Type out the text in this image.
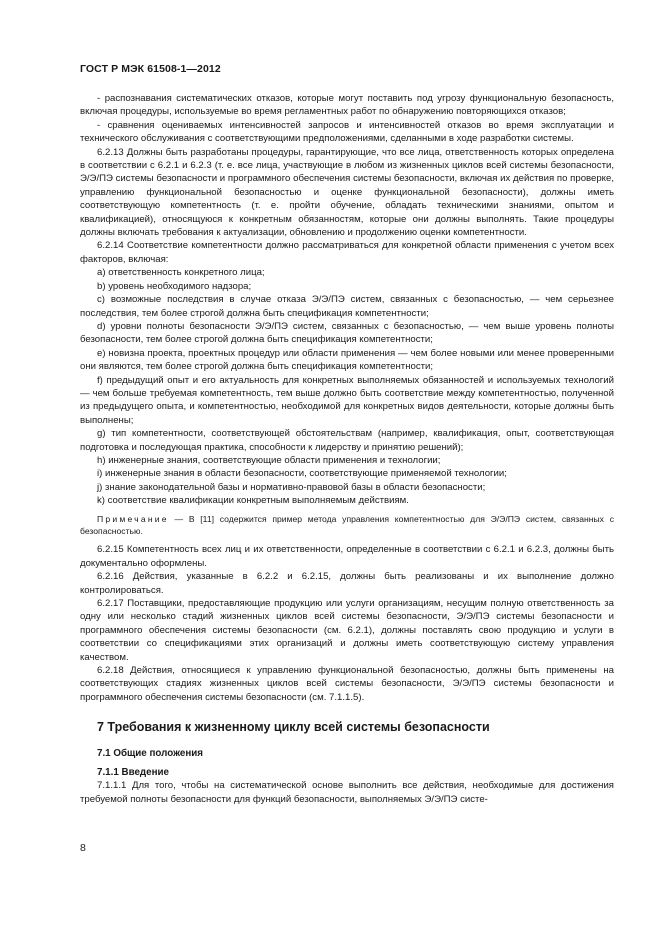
ГОСТ Р МЭК 61508-1—2012

- распознавания систематических отказов, которые могут поставить под угрозу функциональную безопасность, включая процедуры, используемые во время регламентных работ по обнаружению повторяющихся отказов;

- сравнения оцениваемых интенсивностей запросов и интенсивностей отказов во время эксплуатации и технического обслуживания с соответствующими предположениями, сделанными в ходе разработки системы.

6.2.13 Должны быть разработаны процедуры, гарантирующие, что все лица, ответственность которых определена в соответствии с 6.2.1 и 6.2.3 (т. е. все лица, участвующие в любом из жизненных циклов всей системы безопасности, Э/Э/ПЭ системы безопасности и программного обеспечения системы безопасности, включая их действия по проверке, управлению функциональной безопасностью и оценке функциональной безопасности), должны иметь соответствующую компетентность (т. е. пройти обучение, обладать техническими знаниями, опытом и квалификацией), относящуюся к конкретным обязанностям, которые они должны выполнять. Такие процедуры должны включать требования к актуализации, обновлению и продолжению оценки компетентности.

6.2.14 Соответствие компетентности должно рассматриваться для конкретной области применения с учетом всех факторов, включая:

a) ответственность конкретного лица;

b) уровень необходимого надзора;

c) возможные последствия в случае отказа Э/Э/ПЭ систем, связанных с безопасностью, — чем серьезнее последствия, тем более строгой должна быть спецификация компетентности;

d) уровни полноты безопасности Э/Э/ПЭ систем, связанных с безопасностью, — чем выше уровень полноты безопасности, тем более строгой должна быть спецификация компетентности;

e) новизна проекта, проектных процедур или области применения — чем более новыми или менее проверенными они являются, тем более строгой должна быть спецификация компетентности;

f) предыдущий опыт и его актуальность для конкретных выполняемых обязанностей и используемых технологий — чем больше требуемая компетентность, тем выше должно быть соответствие между компетентностью, полученной из предыдущего опыта, и компетентностью, необходимой для конкретных видов деятельности, которые должны быть выполнены;

g) тип компетентности, соответствующей обстоятельствам (например, квалификация, опыт, соответствующая подготовка и последующая практика, способности к лидерству и принятию решений);

h) инженерные знания, соответствующие области применения и технологии;

i) инженерные знания в области безопасности, соответствующие применяемой технологии;

j) знание законодательной базы и нормативно-правовой базы в области безопасности;

k) соответствие квалификации конкретным выполняемым действиям.

Примечание — В [11] содержится пример метода управления компетентностью для Э/Э/ПЭ систем, связанных с безопасностью.

6.2.15 Компетентность всех лиц и их ответственности, определенные в соответствии с 6.2.1 и 6.2.3, должны быть документально оформлены.

6.2.16 Действия, указанные в 6.2.2 и 6.2.15, должны быть реализованы и их выполнение должно контролироваться.

6.2.17 Поставщики, предоставляющие продукцию или услуги организациям, несущим полную ответственность за одну или несколько стадий жизненных циклов всей системы безопасности, Э/Э/ПЭ системы безопасности и программного обеспечения системы безопасности (см. 6.2.1), должны поставлять свою продукцию и услуги в соответствии со спецификациями этих организаций и должны иметь соответствующую систему управления качеством.

6.2.18 Действия, относящиеся к управлению функциональной безопасностью, должны быть применены на соответствующих стадиях жизненных циклов всей системы безопасности, Э/Э/ПЭ системы безопасности и программного обеспечения системы безопасности (см. 7.1.1.5).

7 Требования к жизненному циклу всей системы безопасности
7.1 Общие положения
7.1.1 Введение

7.1.1.1 Для того, чтобы на систематической основе выполнить все действия, необходимые для достижения требуемой полноты безопасности для функций безопасности, выполняемых Э/Э/ПЭ систе-

8
